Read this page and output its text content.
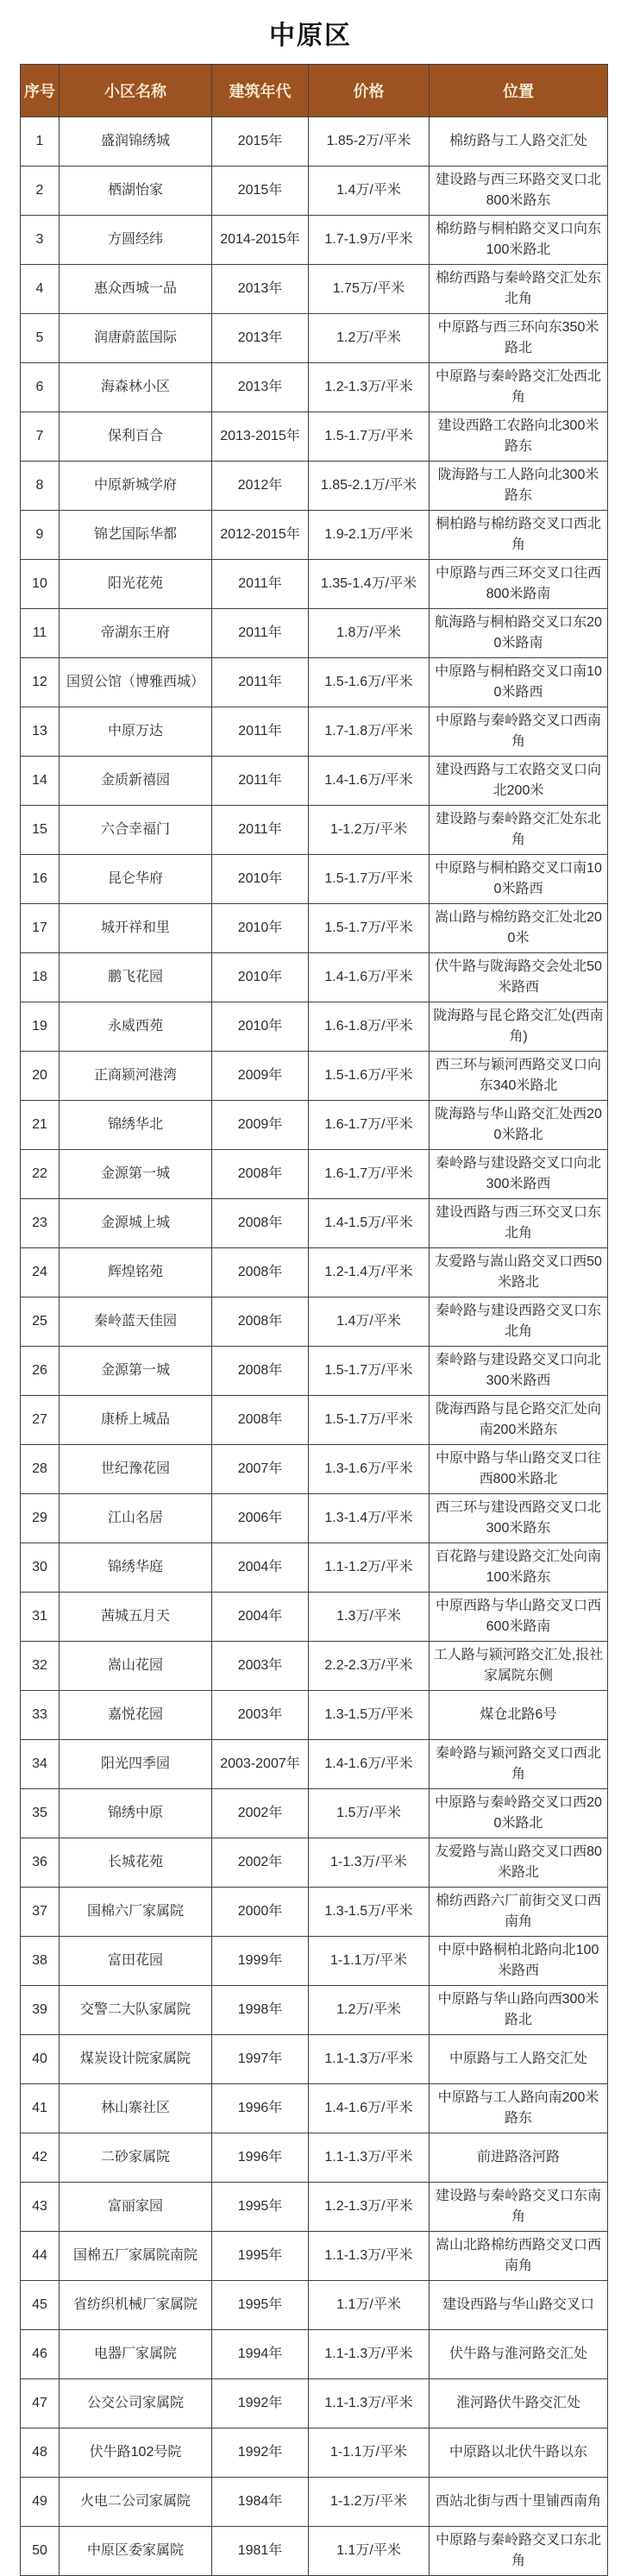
中原区
序号	小区名称	建筑年代	价格	位置
1	盛润锦绣城	2015年	1.85-2万/平米	棉纺路与工人路交汇处
2	栖湖怡家	2015年	1.4万/平米	建设路与西三环路交叉口北800米路东
3	方圆经纬	2014-2015年	1.7-1.9万/平米	棉纺路与桐柏路交叉口向东100米路北
4	惠众西城一品	2013年	1.75万/平米	棉纺西路与秦岭路交汇处东北角
5	润唐蔚蓝国际	2013年	1.2万/平米	中原路与西三环向东350米路北
6	海森林小区	2013年	1.2-1.3万/平米	中原路与秦岭路交汇处西北角
7	保利百合	2013-2015年	1.5-1.7万/平米	建设西路工农路向北300米路东
8	中原新城学府	2012年	1.85-2.1万/平米	陇海路与工人路向北300米路东
9	锦艺国际华都	2012-2015年	1.9-2.1万/平米	桐柏路与棉纺路交叉口西北角
10	阳光花苑	2011年	1.35-1.4万/平米	中原路与西三环交叉口往西800米路南
11	帝湖东王府	2011年	1.8万/平米	航海路与桐柏路交叉口东200米路南
12	国贸公馆（博雅西城）	2011年	1.5-1.6万/平米	中原路与桐柏路交叉口南100米路西
13	中原万达	2011年	1.7-1.8万/平米	中原路与秦岭路交叉口西南角
14	金质新禧园	2011年	1.4-1.6万/平米	建设西路与工农路交叉口向北200米
15	六合幸福门	2011年	1-1.2万/平米	建设路与秦岭路交汇处东北角
16	昆仑华府	2010年	1.5-1.7万/平米	中原路与桐柏路交叉口南100米路西
17	城开祥和里	2010年	1.5-1.7万/平米	嵩山路与棉纺路交汇处北200米
18	鹏飞花园	2010年	1.4-1.6万/平米	伏牛路与陇海路交会处北50米路西
19	永威西苑	2010年	1.6-1.8万/平米	陇海路与昆仑路交汇处(西南角)
20	正商颍河港湾	2009年	1.5-1.6万/平米	西三环与颖河西路交叉口向东340米路北
21	锦绣华北	2009年	1.6-1.7万/平米	陇海路与华山路交汇处西200米路北
22	金源第一城	2008年	1.6-1.7万/平米	秦岭路与建设路交叉口向北300米路西
23	金源城上城	2008年	1.4-1.5万/平米	建设西路与西三环交叉口东北角
24	辉煌铭苑	2008年	1.2-1.4万/平米	友爱路与嵩山路交叉口西50米路北
25	秦岭蓝天佳园	2008年	1.4万/平米	秦岭路与建设西路交叉口东北角
26	金源第一城	2008年	1.5-1.7万/平米	秦岭路与建设路交叉口向北300米路西
27	康桥上城品	2008年	1.5-1.7万/平米	陇海西路与昆仑路交汇处向南200米路东
28	世纪豫花园	2007年	1.3-1.6万/平米	中原中路与华山路交叉口往西800米路北
29	江山名居	2006年	1.3-1.4万/平米	西三环与建设西路交叉口北300米路东
30	锦绣华庭	2004年	1.1-1.2万/平米	百花路与建设路交汇处向南100米路东
31	茜城五月天	2004年	1.3万/平米	中原西路与华山路交叉口西600米路南
32	嵩山花园	2003年	2.2-2.3万/平米	工人路与颍河路交汇处,报社家属院东侧
33	嘉悦花园	2003年	1.3-1.5万/平米	煤仓北路6号
34	阳光四季园	2003-2007年	1.4-1.6万/平米	秦岭路与颖河路交叉口西北角
35	锦绣中原	2002年	1.5万/平米	中原路与秦岭路交叉口西200米路北
36	长城花苑	2002年	1-1.3万/平米	友爱路与嵩山路交叉口西80米路北
37	国棉六厂家属院	2000年	1.3-1.5万/平米	棉纺西路六厂前街交叉口西南角
38	富田花园	1999年	1-1.1万/平米	中原中路桐柏北路向北100米路西
39	交警二大队家属院	1998年	1.2万/平米	中原路与华山路向西300米路北
40	煤炭设计院家属院	1997年	1.1-1.3万/平米	中原路与工人路交汇处
41	林山寨社区	1996年	1.4-1.6万/平米	中原路与工人路向南200米路东
42	二砂家属院	1996年	1.1-1.3万/平米	前进路洛河路
43	富丽家园	1995年	1.2-1.3万/平米	建设路与秦岭路交叉口东南角
44	国棉五厂家属院南院	1995年	1.1-1.3万/平米	嵩山北路棉纺西路交叉口西南角
45	省纺织机械厂家属院	1995年	1.1万/平米	建设西路与华山路交叉口
46	电器厂家属院	1994年	1.1-1.3万/平米	伏牛路与淮河路交汇处
47	公交公司家属院	1992年	1.1-1.3万/平米	淮河路伏牛路交汇处
48	伏牛路102号院	1992年	1-1.1万/平米	中原路以北伏牛路以东
49	火电二公司家属院	1984年	1-1.2万/平米	西站北街与西十里铺西南角
50	中原区委家属院	1981年	1.1万/平米	中原路与秦岭路交叉口东北角
